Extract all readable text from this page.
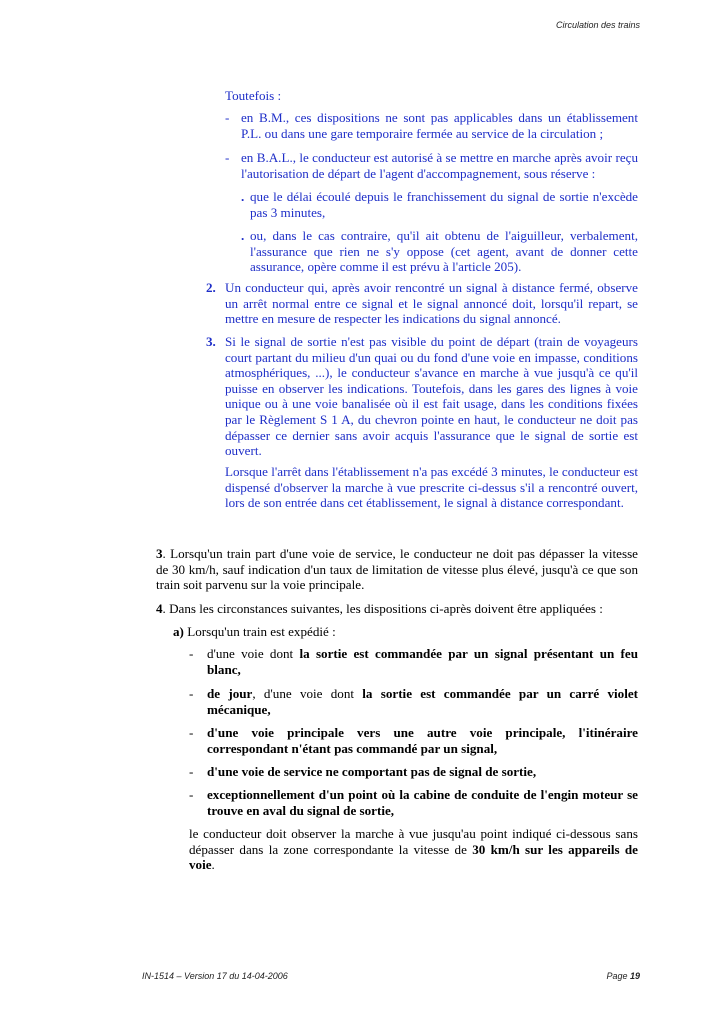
Circulation des trains
Toutefois :
- en B.M., ces dispositions ne sont pas applicables dans un établissement P.L. ou dans une gare temporaire fermée au service de la circulation ;
- en B.A.L., le conducteur est autorisé à se mettre en marche après avoir reçu l'autorisation de départ de l'agent d'accompagnement, sous réserve :
. que le délai écoulé depuis le franchissement du signal de sortie n'excède pas 3 minutes,
. ou, dans le cas contraire, qu'il ait obtenu de l'aiguilleur, verbalement, l'assurance que rien ne s'y oppose (cet agent, avant de donner cette assurance, opère comme il est prévu à l'article 205).
2. Un conducteur qui, après avoir rencontré un signal à distance fermé, observe un arrêt normal entre ce signal et le signal annoncé doit, lorsqu'il repart, se mettre en mesure de respecter les indications du signal annoncé.
3. Si le signal de sortie n'est pas visible du point de départ (train de voyageurs court partant du milieu d'un quai ou du fond d'une voie en impasse, conditions atmosphériques, ...), le conducteur s'avance en marche à vue jusqu'à ce qu'il puisse en observer les indications. Toutefois, dans les gares des lignes à voie unique ou à une voie banalisée où il est fait usage, dans les conditions fixées par le Règlement S 1 A, du chevron pointe en haut, le conducteur ne doit pas dépasser ce dernier sans avoir acquis l'assurance que le signal de sortie est ouvert.
Lorsque l'arrêt dans l'établissement n'a pas excédé 3 minutes, le conducteur est dispensé d'observer la marche à vue prescrite ci-dessus s'il a rencontré ouvert, lors de son entrée dans cet établissement, le signal à distance correspondant.
3. Lorsqu'un train part d'une voie de service, le conducteur ne doit pas dépasser la vitesse de 30 km/h, sauf indication d'un taux de limitation de vitesse plus élevé, jusqu'à ce que son train soit parvenu sur la voie principale.
4. Dans les circonstances suivantes, les dispositions ci-après doivent être appliquées :
a) Lorsqu'un train est expédié :
- d'une voie dont la sortie est commandée par un signal présentant un feu blanc,
- de jour, d'une voie dont la sortie est commandée par un carré violet mécanique,
- d'une voie principale vers une autre voie principale, l'itinéraire correspondant n'étant pas commandé par un signal,
- d'une voie de service ne comportant pas de signal de sortie,
- exceptionnellement d'un point où la cabine de conduite de l'engin moteur se trouve en aval du signal de sortie,
le conducteur doit observer la marche à vue jusqu'au point indiqué ci-dessous sans dépasser dans la zone correspondante la vitesse de 30 km/h sur les appareils de voie.
IN-1514 – Version 17 du 14-04-2006	Page 19
